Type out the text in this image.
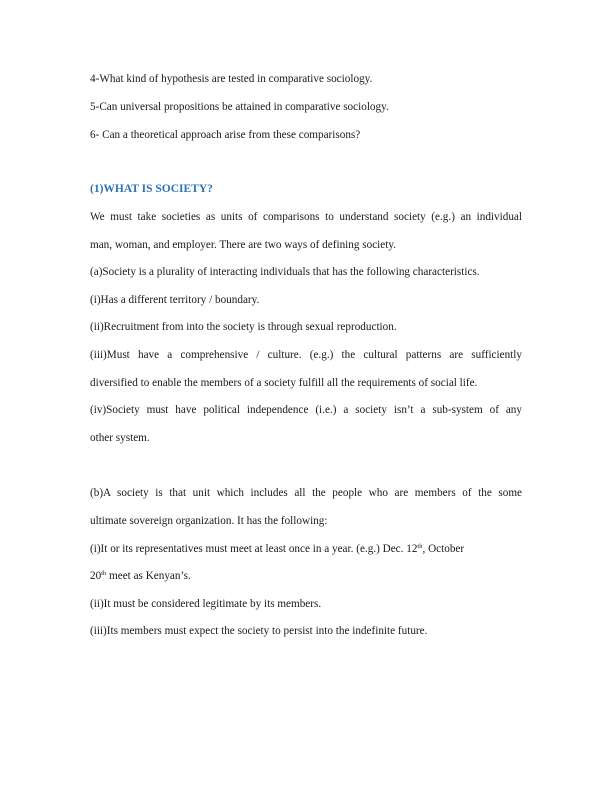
4-What kind of hypothesis are tested in comparative sociology.
5-Can universal propositions be attained in comparative sociology.
6- Can a theoretical approach arise from these comparisons?
(1)WHAT IS SOCIETY?
We must take societies as units of comparisons to understand society (e.g.) an individual
man, woman, and employer. There are two ways of defining society.
(a)Society is a plurality of interacting individuals that has the following characteristics.
(i)Has a different territory / boundary.
(ii)Recruitment from into the society is through sexual reproduction.
(iii)Must have a comprehensive / culture. (e.g.) the cultural patterns are sufficiently
diversified to enable the members of a society fulfill all the requirements of social life.
(iv)Society must have political independence (i.e.) a society isn’t a sub-system of any
other system.
(b)A society is that unit which includes all the people who are members of the some
ultimate sovereign organization. It has the following:
(i)It or its representatives must meet at least once in a year. (e.g.) Dec. 12th, October
20th meet as Kenyan’s.
(ii)It must be considered legitimate by its members.
(iii)Its members must expect the society to persist into the indefinite future.
